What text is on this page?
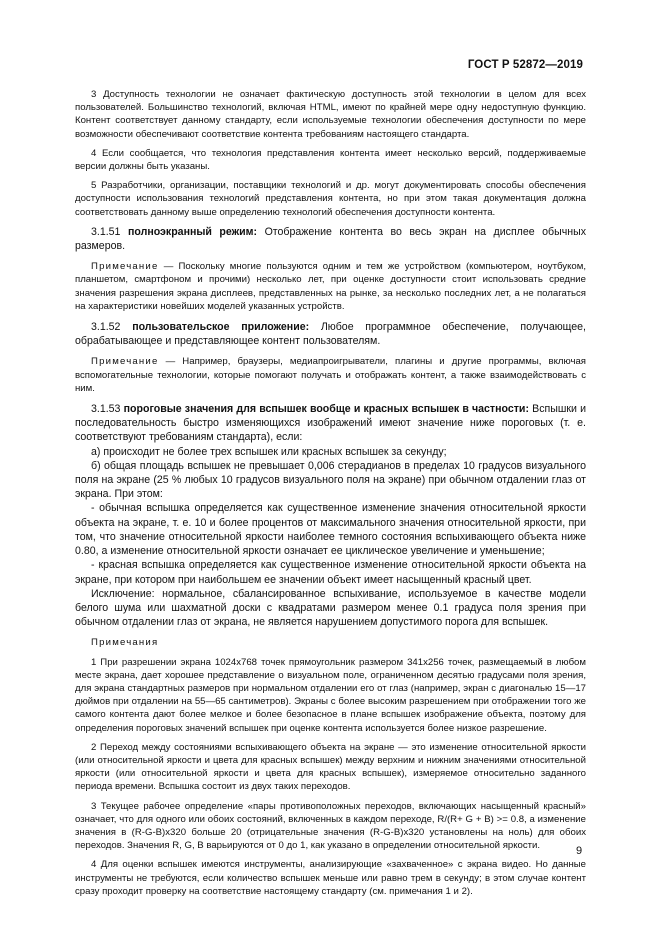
ГОСТ Р 52872—2019

3 Доступность технологии не означает фактическую доступность этой технологии в целом для всех пользователей. Большинство технологий, включая HTML, имеют по крайней мере одну недоступную функцию. Контент соответствует данному стандарту, если используемые технологии обеспечения доступности по мере возможности обеспечивают соответствие контента требованиям настоящего стандарта.

4 Если сообщается, что технология представления контента имеет несколько версий, поддерживаемые версии должны быть указаны.

5 Разработчики, организации, поставщики технологий и др. могут документировать способы обеспечения доступности использования технологий представления контента, но при этом такая документация должна соответствовать данному выше определению технологий обеспечения доступности контента.

3.1.51 полноэкранный режим: Отображение контента во весь экран на дисплее обычных размеров.

Примечание — Поскольку многие пользуются одним и тем же устройством (компьютером, ноутбуком, планшетом, смартфоном и прочими) несколько лет, при оценке доступности стоит использовать средние значения разрешения экрана дисплеев, представленных на рынке, за несколько последних лет, а не полагаться на характеристики новейших моделей указанных устройств.

3.1.52 пользовательское приложение: Любое программное обеспечение, получающее, обрабатывающее и представляющее контент пользователям.

Примечание — Например, браузеры, медиапроигрыватели, плагины и другие программы, включая вспомогательные технологии, которые помогают получать и отображать контент, а также взаимодействовать с ним.

3.1.53 пороговые значения для вспышек вообще и красных вспышек в частности: Вспышки и последовательность быстро изменяющихся изображений имеют значение ниже пороговых (т. е. соответствуют требованиям стандарта), если:

а) происходит не более трех вспышек или красных вспышек за секунду;

б) общая площадь вспышек не превышает 0,006 стерадианов в пределах 10 градусов визуального поля на экране (25 % любых 10 градусов визуального поля на экране) при обычном отдалении глаз от экрана. При этом:

- обычная вспышка определяется как существенное изменение значения относительной яркости объекта на экране, т. е. 10 и более процентов от максимального значения относительной яркости, при том, что значение относительной яркости наиболее темного состояния вспыхивающего объекта ниже 0.80, а изменение относительной яркости означает ее циклическое увеличение и уменьшение;

- красная вспышка определяется как существенное изменение относительной яркости объекта на экране, при котором при наибольшем ее значении объект имеет насыщенный красный цвет.

Исключение: нормальное, сбалансированное вспыхивание, используемое в качестве модели белого шума или шахматной доски с квадратами размером менее 0.1 градуса поля зрения при обычном отдалении глаз от экрана, не является нарушением допустимого порога для вспышек.

Примечания

1 При разрешении экрана 1024x768 точек прямоугольник размером 341x256 точек, размещаемый в любом месте экрана, дает хорошее представление о визуальном поле, ограниченном десятью градусами поля зрения, для экрана стандартных размеров при нормальном отдалении его от глаз (например, экран с диагональю 15—17 дюймов при отдалении на 55—65 сантиметров). Экраны с более высоким разрешением при отображении того же самого контента дают более мелкое и более безопасное в плане вспышек изображение объекта, поэтому для определения пороговых значений вспышек при оценке контента используется более низкое разрешение.

2 Переход между состояниями вспыхивающего объекта на экране — это изменение относительной яркости (или относительной яркости и цвета для красных вспышек) между верхним и нижним значениями относительной яркости (или относительной яркости и цвета для красных вспышек), измеряемое относительно заданного периода времени. Вспышка состоит из двух таких переходов.

3 Текущее рабочее определение «пары противоположных переходов, включающих насыщенный красный» означает, что для одного или обоих состояний, включенных в каждом переходе, R/(R+ G + B) >= 0.8, а изменение значения в (R-G-B)x320 больше 20 (отрицательные значения (R-G-B)x320 установлены на ноль) для обоих переходов. Значения R, G, В варьируются от 0 до 1, как указано в определении относительной яркости.

4 Для оценки вспышек имеются инструменты, анализирующие «захваченное» с экрана видео. Но данные инструменты не требуются, если количество вспышек меньше или равно трем в секунду; в этом случае контент сразу проходит проверку на соответствие настоящему стандарту (см. примечания 1 и 2).

9
